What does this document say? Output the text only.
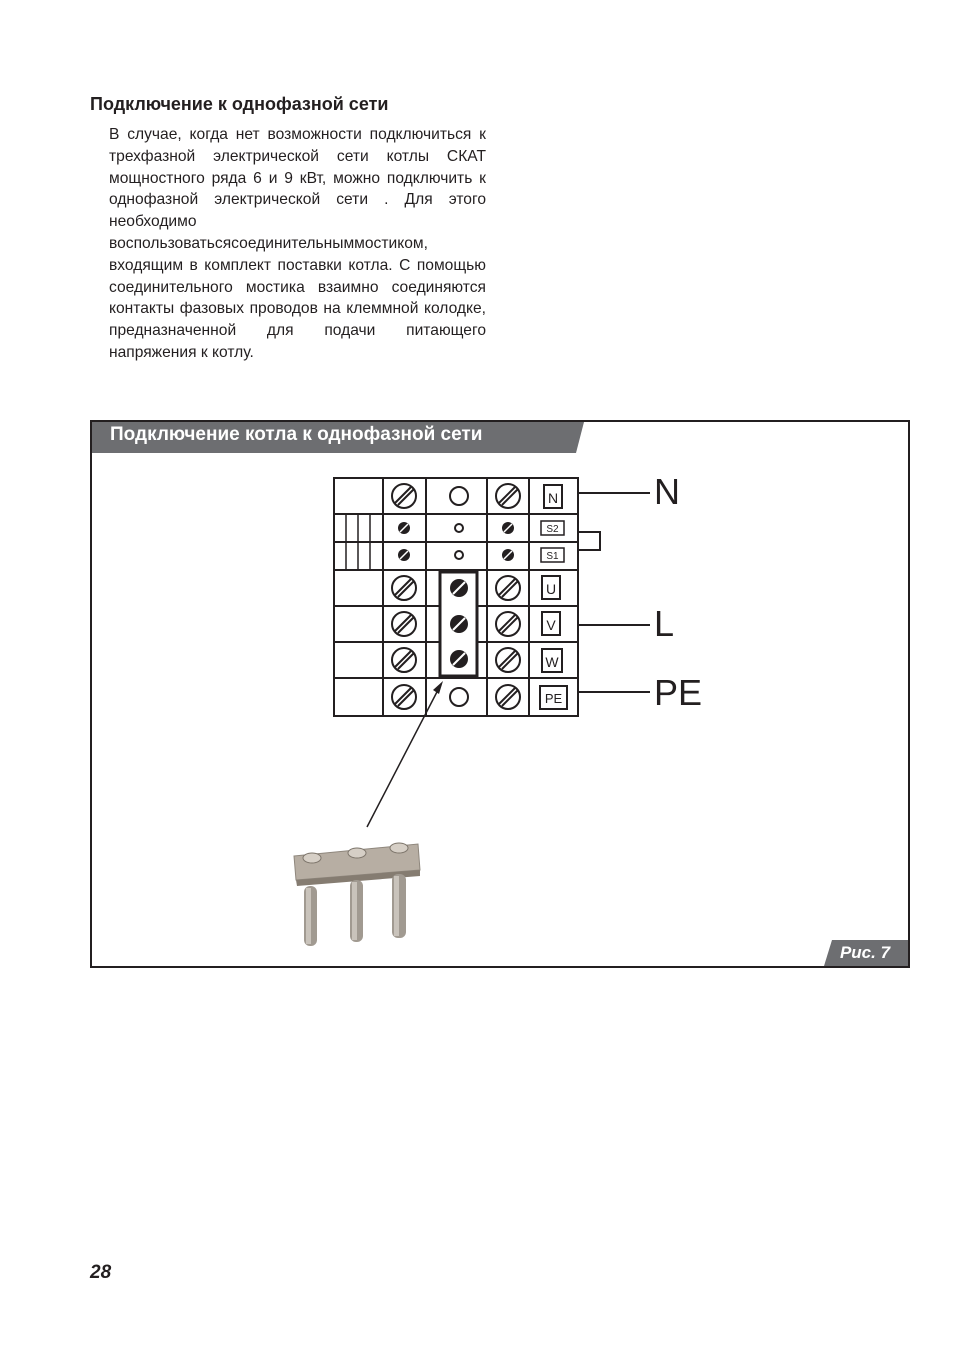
Подключение к однофазной сети

В случае, когда нет возможности подключиться к трехфазной электрической сети котлы СКАТ мощностного ряда 6 и 9 кВт, можно подключить к однофазной электрической сети . Для этого необходимо воспользоватьсясоединительныммостиком, входящим в комплект поставки котла. С помощью соединительного мостика взаимно соединяются контакты фазовых проводов на клеммной колодке, предназначенной для подачи питающего напряжения к котлу.

Подключение котла к однофазной сети
N
S2
S1
U
V
W
PE
N
L
PE
Рис. 7
28
